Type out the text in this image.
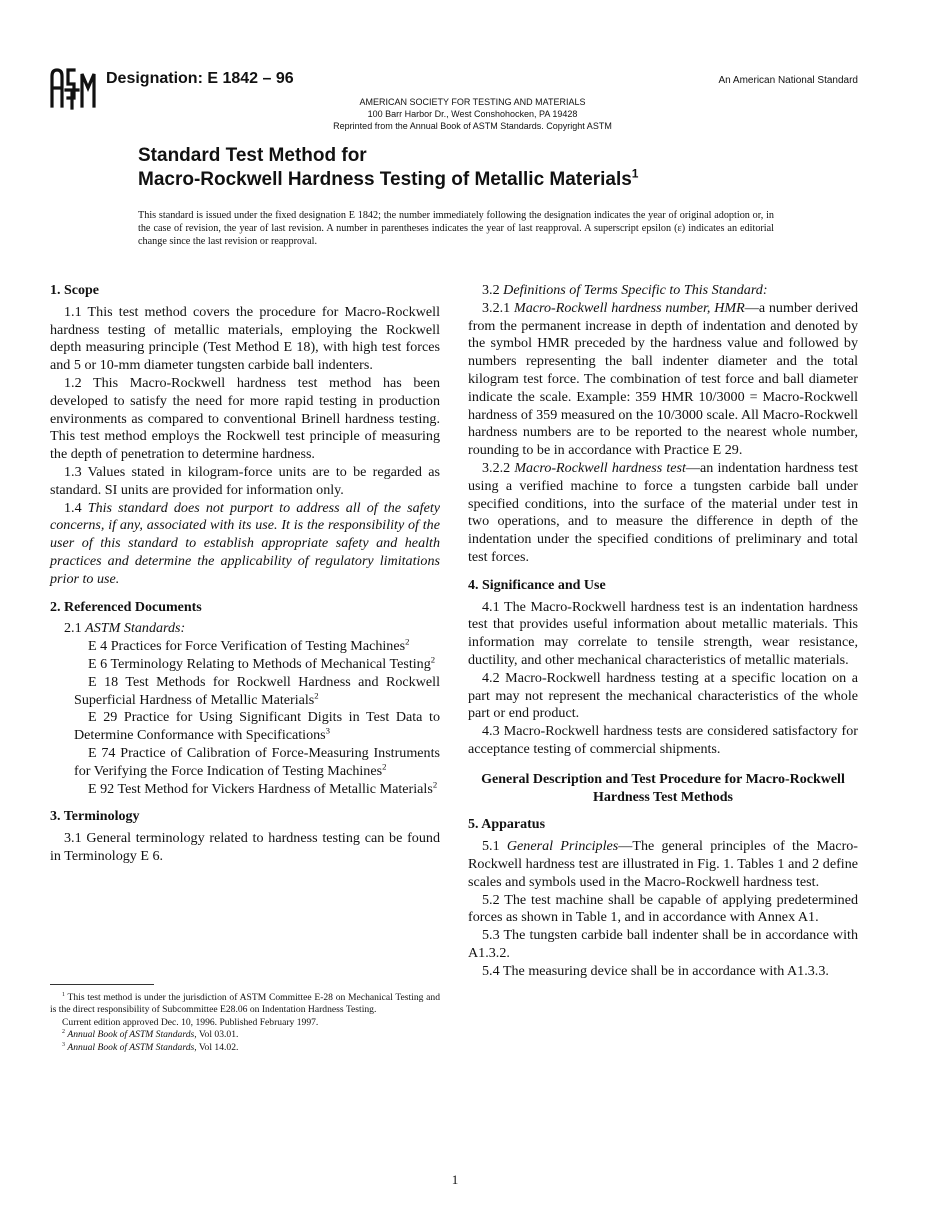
Designation: E 1842 – 96	An American National Standard
AMERICAN SOCIETY FOR TESTING AND MATERIALS
100 Barr Harbor Dr., West Conshohocken, PA 19428
Reprinted from the Annual Book of ASTM Standards. Copyright ASTM
Standard Test Method for
Macro-Rockwell Hardness Testing of Metallic Materials$^1$
This standard is issued under the fixed designation E 1842; the number immediately following the designation indicates the year of original adoption or, in the case of revision, the year of last revision. A number in parentheses indicates the year of last reapproval. A superscript epsilon (ε) indicates an editorial change since the last revision or reapproval.
1. Scope

1.1 This test method covers the procedure for Macro-Rockwell hardness testing of metallic materials, employing the Rockwell depth measuring principle (Test Method E 18), with high test forces and 5 or 10-mm diameter tungsten carbide ball indenters.

1.2 This Macro-Rockwell hardness test method has been developed to satisfy the need for more rapid testing in production environments as compared to conventional Brinell hardness testing. This test method employs the Rockwell test principle of measuring the depth of penetration to determine hardness.

1.3 Values stated in kilogram-force units are to be regarded as standard. SI units are provided for information only.

1.4 This standard does not purport to address all of the safety concerns, if any, associated with its use. It is the responsibility of the user of this standard to establish appropriate safety and health practices and determine the applicability of regulatory limitations prior to use.

2. Referenced Documents

2.1 ASTM Standards:

E 4 Practices for Force Verification of Testing Machines$^2$

E 6 Terminology Relating to Methods of Mechanical Testing$^2$

E 18 Test Methods for Rockwell Hardness and Rockwell Superficial Hardness of Metallic Materials$^2$

E 29 Practice for Using Significant Digits in Test Data to Determine Conformance with Specifications$^3$

E 74 Practice of Calibration of Force-Measuring Instruments for Verifying the Force Indication of Testing Machines$^2$

E 92 Test Method for Vickers Hardness of Metallic Materials$^2$

3. Terminology

3.1 General terminology related to hardness testing can be found in Terminology E 6.

$^1$ This test method is under the jurisdiction of ASTM Committee E-28 on Mechanical Testing and is the direct responsibility of Subcommittee E28.06 on Indentation Hardness Testing.

Current edition approved Dec. 10, 1996. Published February 1997.

$^2$ Annual Book of ASTM Standards, Vol 03.01.

$^3$ Annual Book of ASTM Standards, Vol 14.02.

3.2 Definitions of Terms Specific to This Standard:

3.2.1 Macro-Rockwell hardness number, HMR—a number derived from the permanent increase in depth of indentation and denoted by the symbol HMR preceded by the hardness value and followed by numbers representing the ball indenter diameter and the total kilogram test force. The combination of test force and ball diameter indicate the scale. Example: 359 HMR 10/3000 = Macro-Rockwell hardness of 359 measured on the 10/3000 scale. All Macro-Rockwell hardness numbers are to be reported to the nearest whole number, rounding to be in accordance with Practice E 29.

3.2.2 Macro-Rockwell hardness test—an indentation hardness test using a verified machine to force a tungsten carbide ball under specified conditions, into the surface of the material under test in two operations, and to measure the difference in depth of the indentation under the specified conditions of preliminary and total test forces.

4. Significance and Use

4.1 The Macro-Rockwell hardness test is an indentation hardness test that provides useful information about metallic materials. This information may correlate to tensile strength, wear resistance, ductility, and other mechanical characteristics of metallic materials.

4.2 Macro-Rockwell hardness testing at a specific location on a part may not represent the mechanical characteristics of the whole part or end product.

4.3 Macro-Rockwell hardness tests are considered satisfactory for acceptance testing of commercial shipments.

General Description and Test Procedure for Macro-Rockwell Hardness Test Methods
5. Apparatus

5.1 General Principles—The general principles of the Macro-Rockwell hardness test are illustrated in Fig. 1. Tables 1 and 2 define scales and symbols used in the Macro-Rockwell hardness test.

5.2 The test machine shall be capable of applying predetermined forces as shown in Table 1, and in accordance with Annex A1.

5.3 The tungsten carbide ball indenter shall be in accordance with A1.3.2.

5.4 The measuring device shall be in accordance with A1.3.3.

1
